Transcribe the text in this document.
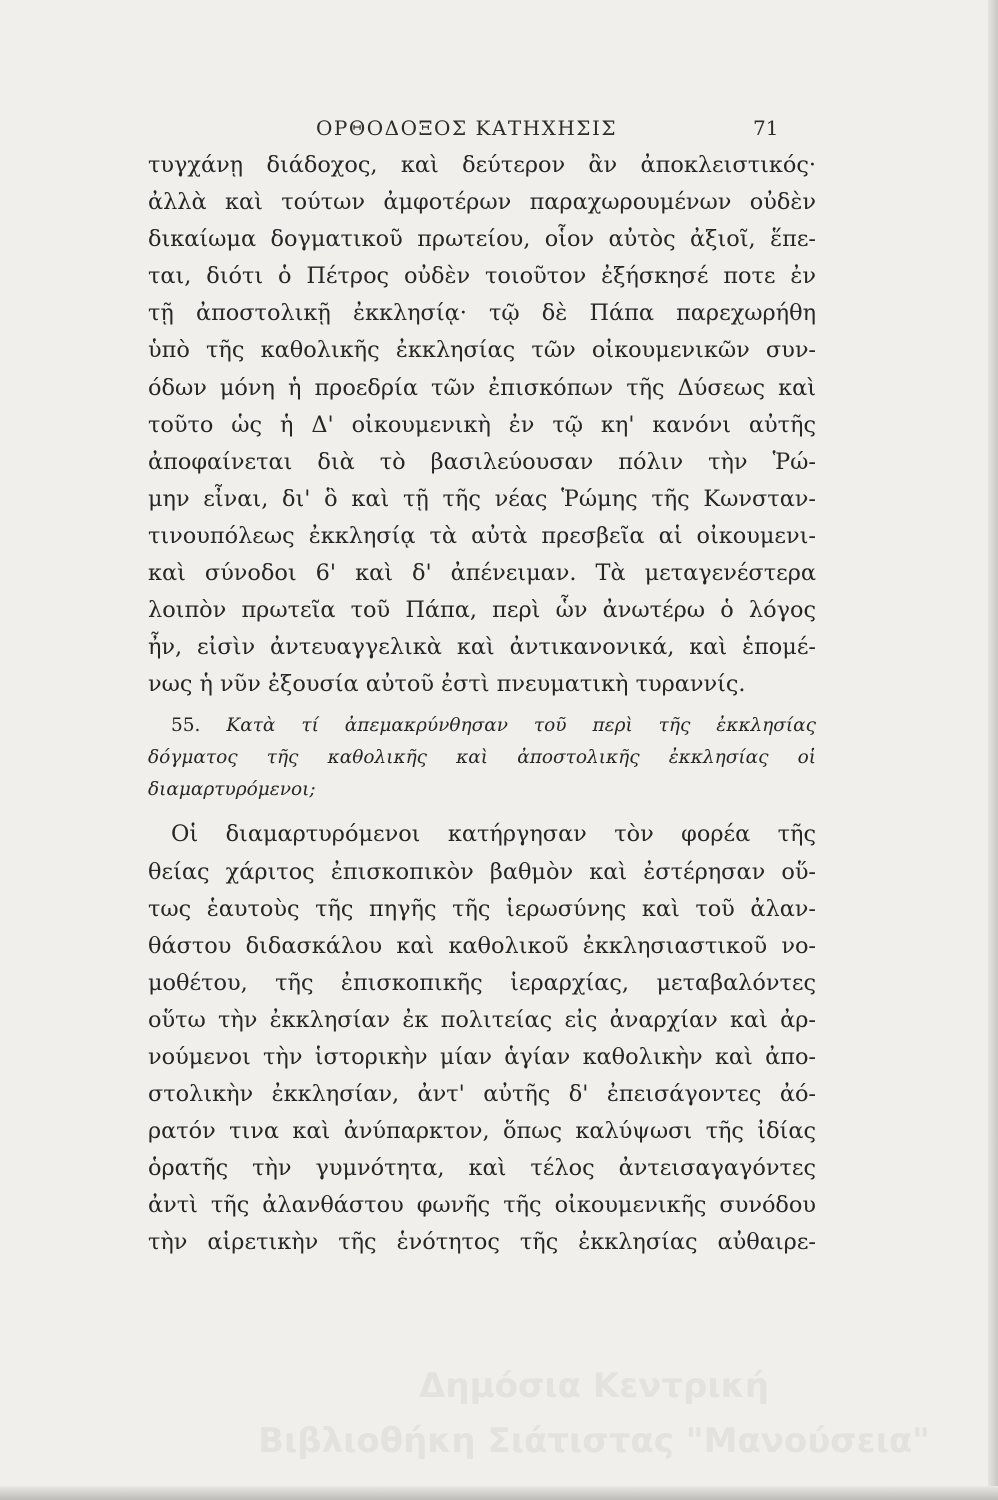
ΟΡΘΟΔΟΞΟΣ ΚΑΤΗΧΗΣΙΣ	71
τυγχάνῃ διάδοχος, καὶ δεύτερον ἂν ἀποκλειστικός·
ἀλλὰ καὶ τούτων ἀμφοτέρων παραχωρουμένων οὐδὲν
δικαίωμα δογματικοῦ πρωτείου, οἷον αὐτὸς ἀξιοῖ, ἕπε-
ται, διότι ὁ Πέτρος οὐδὲν τοιοῦτον ἐξήσκησέ ποτε ἐν
τῇ ἀποστολικῇ ἐκκλησίᾳ· τῷ δὲ Πάπα παρεχωρήθη
ὑπὸ τῆς καθολικῆς ἐκκλησίας τῶν οἰκουμενικῶν συν-
όδων μόνη ἡ προεδρία τῶν ἐπισκόπων τῆς Δύσεως καὶ
τοῦτο ὡς ἡ Δ' οἰκουμενικὴ ἐν τῷ κη' κανόνι αὐτῆς
ἀποφαίνεται διὰ τὸ βασιλεύουσαν πόλιν τὴν Ῥώ-
μην εἶναι, δι' ὃ καὶ τῇ τῆς νέας Ῥώμης τῆς Κωνσταν-
τινουπόλεως ἐκκλησίᾳ τὰ αὐτὰ πρεσβεῖα αἱ οἰκουμενι-
καὶ σύνοδοι 6' καὶ δ' ἀπένειμαν. Τὰ μεταγενέστερα
λοιπὸν πρωτεῖα τοῦ Πάπα, περὶ ὧν ἀνωτέρω ὁ λόγος
ἦν, εἰσὶν ἀντευαγγελικὰ καὶ ἀντικανονικά, καὶ ἑπομέ-
νως ἡ νῦν ἐξουσία αὐτοῦ ἐστὶ πνευματικὴ τυραννίς.
55. Κατὰ τί ἀπεμακρύνθησαν τοῦ περὶ τῆς ἐκκλησίας
δόγματος τῆς καθολικῆς καὶ ἀποστολικῆς ἐκκλησίας οἱ
διαμαρτυρόμενοι;
Οἱ διαμαρτυρόμενοι κατήργησαν τὸν φορέα τῆς
θείας χάριτος ἐπισκοπικὸν βαθμὸν καὶ ἐστέρησαν οὕ-
τως ἑαυτοὺς τῆς πηγῆς τῆς ἱερωσύνης καὶ τοῦ ἀλαν-
θάστου διδασκάλου καὶ καθολικοῦ ἐκκλησιαστικοῦ νο-
μοθέτου, τῆς ἐπισκοπικῆς ἱεραρχίας, μεταβαλόντες
οὕτω τὴν ἐκκλησίαν ἐκ πολιτείας εἰς ἀναρχίαν καὶ ἀρ-
νούμενοι τὴν ἱστορικὴν μίαν ἁγίαν καθολικὴν καὶ ἀπο-
στολικὴν ἐκκλησίαν, ἀντ' αὐτῆς δ' ἐπεισάγοντες ἀό-
ρατόν τινα καὶ ἀνύπαρκτον, ὅπως καλύψωσι τῆς ἰδίας
ὁρατῆς τὴν γυμνότητα, καὶ τέλος ἀντεισαγαγόντες
ἀντὶ τῆς ἀλανθάστου φωνῆς τῆς οἰκουμενικῆς συνόδου
τὴν αἱρετικὴν τῆς ἑνότητος τῆς ἐκκλησίας αὐθαιρε-
Δημόσια Κεντρική
Βιβλιοθήκη Σιάτιστας "Μανούσεια"
